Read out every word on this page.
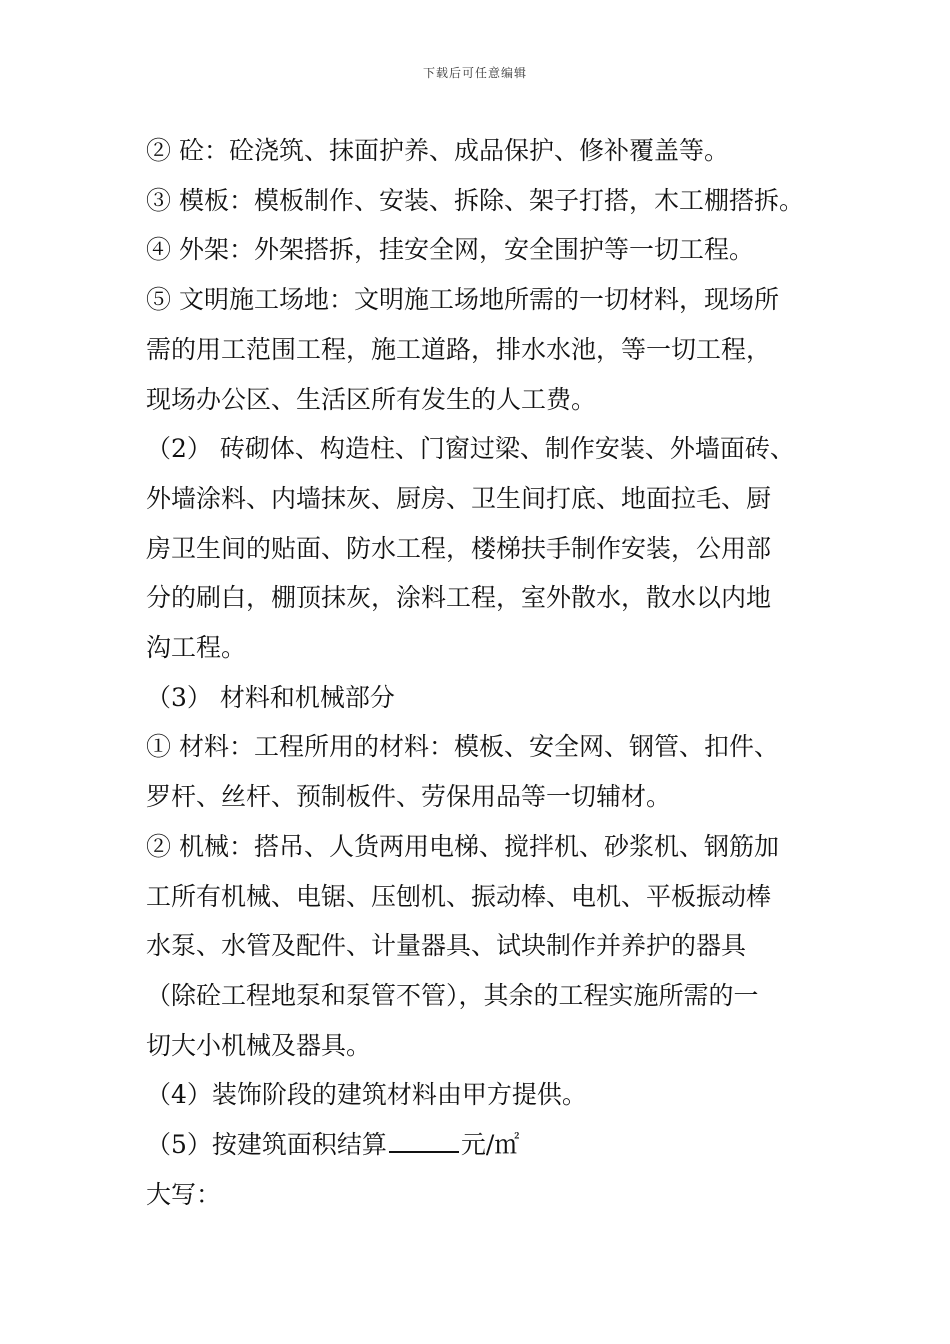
下载后可任意编辑
② 砼：砼浇筑、抹面护养、成品保护、修补覆盖等。
③ 模板：模板制作、安装、拆除、架子打搭，木工棚搭拆。
④ 外架：外架搭拆，挂安全网，安全围护等一切工程。
⑤ 文明施工场地：文明施工场地所需的一切材料，现场所
需的用工范围工程，施工道路，排水水池，等一切工程，
现场办公区、生活区所有发生的人工费。
（2） 砖砌体、构造柱、门窗过梁、制作安装、外墙面砖、
外墙涂料、内墙抹灰、厨房、卫生间打底、地面拉毛、厨
房卫生间的贴面、防水工程，楼梯扶手制作安装，公用部
分的刷白，棚顶抹灰，涂料工程，室外散水，散水以内地
沟工程。
（3） 材料和机械部分
① 材料：工程所用的材料：模板、安全网、钢管、扣件、
罗杆、丝杆、预制板件、劳保用品等一切辅材。
② 机械：搭吊、人货两用电梯、搅拌机、砂浆机、钢筋加
工所有机械、电锯、压刨机、振动棒、电机、平板振动棒
水泵、水管及配件、计量器具、试块制作并养护的器具
（除砼工程地泵和泵管不管），其余的工程实施所需的一
切大小机械及器具。
（4）装饰阶段的建筑材料由甲方提供。
（5）按建筑面积结算	元/㎡
大写：
